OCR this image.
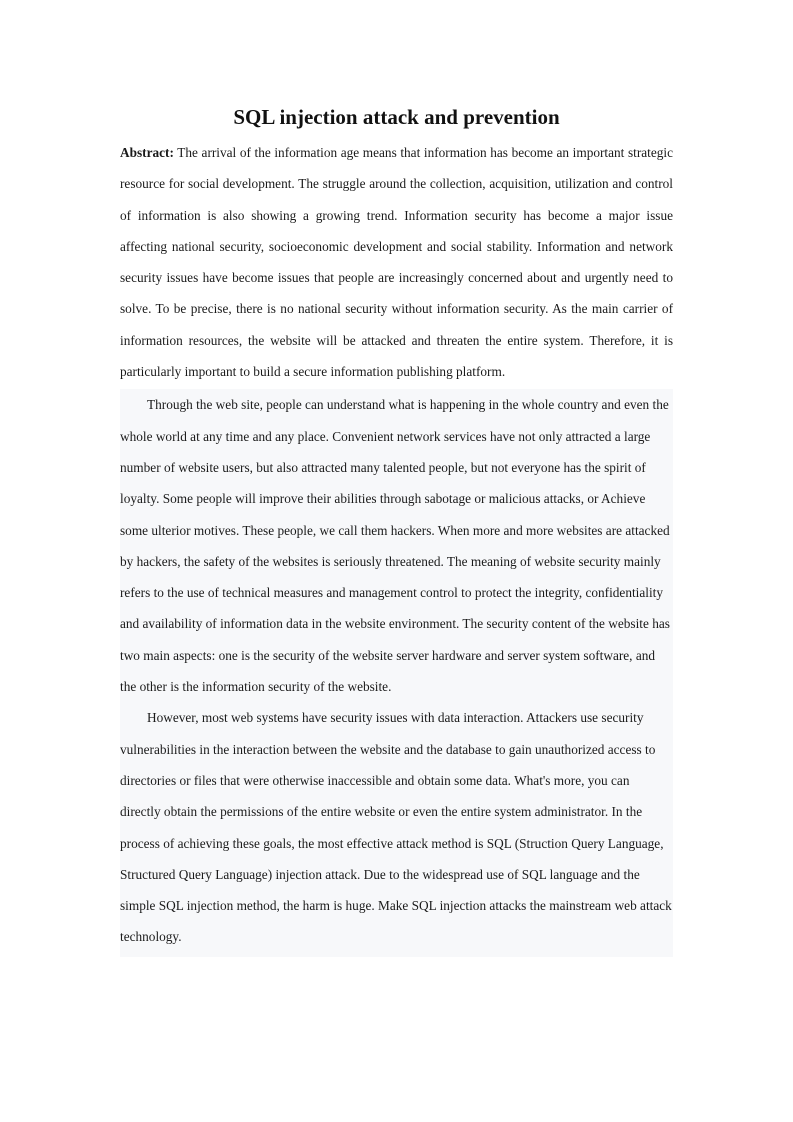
SQL injection attack and prevention

Abstract: The arrival of the information age means that information has become an important strategic resource for social development. The struggle around the collection, acquisition, utilization and control of information is also showing a growing trend. Information security has become a major issue affecting national security, socioeconomic development and social stability. Information and network security issues have become issues that people are increasingly concerned about and urgently need to solve. To be precise, there is no national security without information security. As the main carrier of information resources, the website will be attacked and threaten the entire system. Therefore, it is particularly important to build a secure information publishing platform.

Through the web site, people can understand what is happening in the whole country and even the whole world at any time and any place. Convenient network services have not only attracted a large number of website users, but also attracted many talented people, but not everyone has the spirit of loyalty. Some people will improve their abilities through sabotage or malicious attacks, or Achieve some ulterior motives. These people, we call them hackers. When more and more websites are attacked by hackers, the safety of the websites is seriously threatened. The meaning of website security mainly refers to the use of technical measures and management control to protect the integrity, confidentiality and availability of information data in the website environment. The security content of the website has two main aspects: one is the security of the website server hardware and server system software, and the other is the information security of the website.

However, most web systems have security issues with data interaction. Attackers use security vulnerabilities in the interaction between the website and the database to gain unauthorized access to directories or files that were otherwise inaccessible and obtain some data. What's more, you can directly obtain the permissions of the entire website or even the entire system administrator. In the process of achieving these goals, the most effective attack method is SQL (Struction Query Language, Structured Query Language) injection attack. Due to the widespread use of SQL language and the simple SQL injection method, the harm is huge. Make SQL injection attacks the mainstream web attack technology.
